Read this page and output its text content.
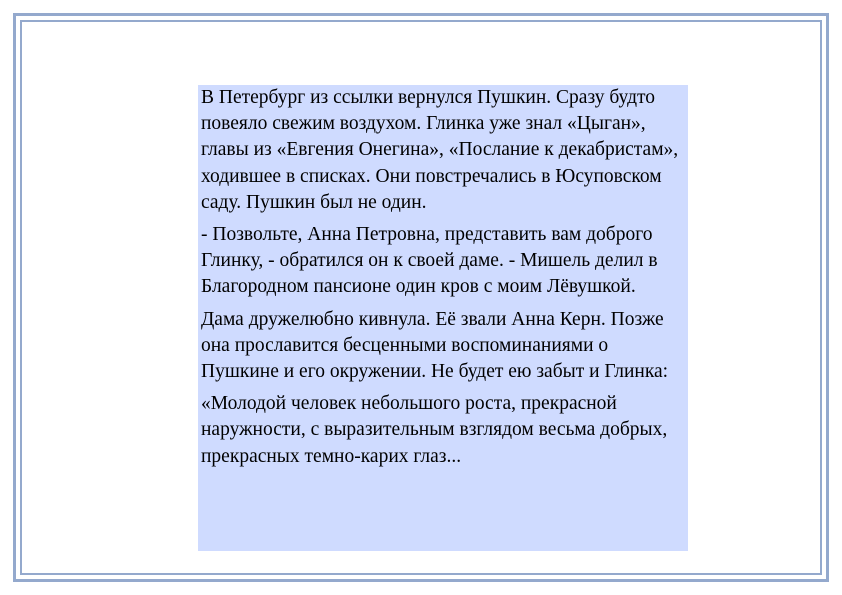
В Петербург из ссылки вернулся Пушкин. Сразу будто повеяло свежим воздухом. Глинка уже знал «Цыган», главы из «Евгения Онегина», «Послание к декабристам», ходившее в списках. Они повстречались в Юсуповском саду. Пушкин был не один.

- Позвольте, Анна Петровна, представить вам доброго Глинку, - обратился он к своей даме. - Мишель делил в Благородном пансионе один кров с моим Лёвушкой.

Дама дружелюбно кивнула. Её звали Анна Керн. Позже она прославится бесценными воспоминаниями о Пушкине и его окружении. Не будет ею забыт и Глинка:

«Молодой человек небольшого роста, прекрасной наружности, с выразительным взглядом весьма добрых, прекрасных темно-карих глаз...
